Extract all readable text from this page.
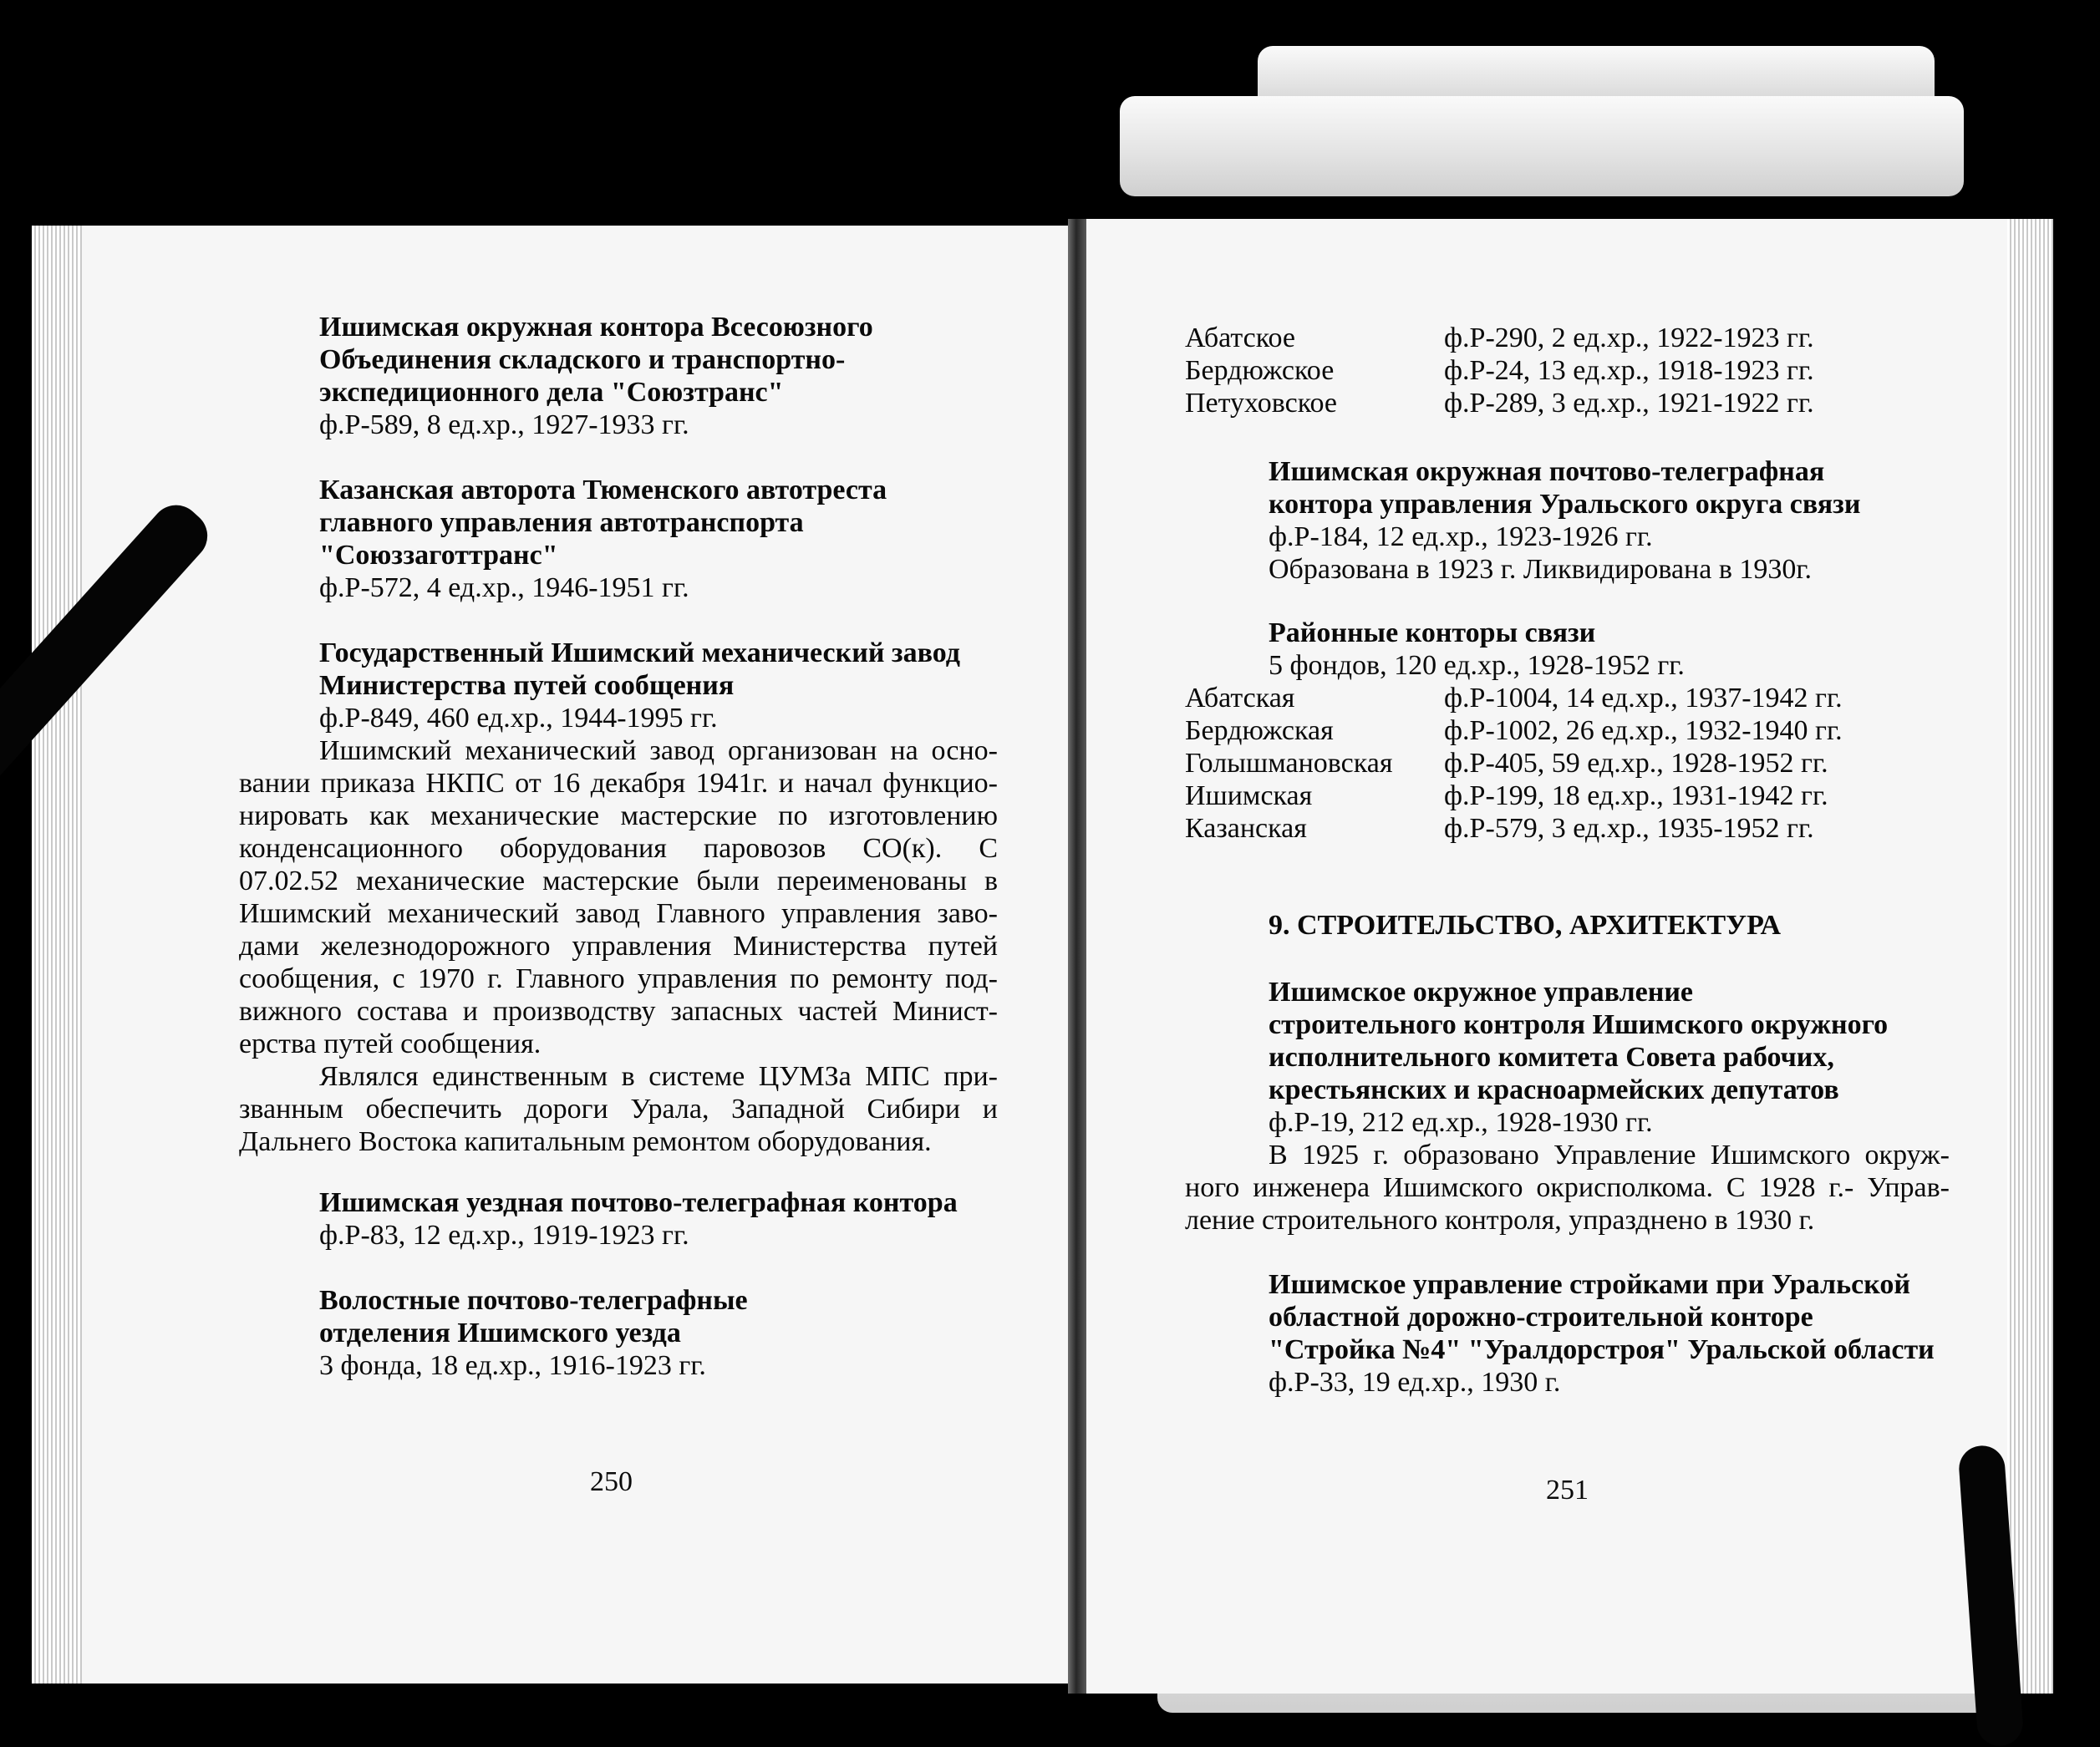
Ишимская окружная контора Всесоюзного
Объединения складского и транспортно-
экспедиционного дела "Союзтранс"
ф.Р-589, 8 ед.хр., 1927-1933 гг.
Казанская авторота Тюменского автотреста
главного управления автотранспорта
"Союззаготтранс"
ф.Р-572, 4 ед.хр., 1946-1951 гг.
Государственный Ишимский механический завод
Министерства путей сообщения
ф.Р-849, 460 ед.хр., 1944-1995 гг.
Ишимский механический завод организован на осно-
вании приказа НКПС от 16 декабря 1941г. и начал функцио-
нировать как механические мастерские по изготовлению
конденсационного оборудования паровозов СО(к). С
07.02.52 механические мастерские были переименованы в
Ишимский механический завод Главного управления заво-
дами железнодорожного управления Министерства путей
сообщения, с 1970 г. Главного управления по ремонту под-
вижного состава и производству запасных частей Минист-
ерства путей сообщения.
Являлся единственным в системе ЦУМЗа МПС при-
званным обеспечить дороги Урала, Западной Сибири и
Дальнего Востока капитальным ремонтом оборудования.
Ишимская уездная почтово-телеграфная контора
ф.Р-83, 12 ед.хр., 1919-1923 гг.
Волостные почтово-телеграфные
отделения Ишимского уезда
3 фонда, 18 ед.хр., 1916-1923 гг.
250
Абатское	ф.Р-290, 2 ед.хр., 1922-1923 гг.
Бердюжское	ф.Р-24, 13 ед.хр., 1918-1923 гг.
Петуховское	ф.Р-289, 3 ед.хр., 1921-1922 гг.
Ишимская окружная почтово-телеграфная
контора управления Уральского округа связи
ф.Р-184, 12 ед.хр., 1923-1926 гг.
Образована в 1923 г. Ликвидирована в 1930г.
Районные конторы связи
5 фондов, 120 ед.хр., 1928-1952 гг.
Абатская	ф.Р-1004, 14 ед.хр., 1937-1942 гг.
Бердюжская	ф.Р-1002, 26 ед.хр., 1932-1940 гг.
Голышмановская ф.Р-405, 59 ед.хр., 1928-1952 гг.
Ишимская	ф.Р-199, 18 ед.хр., 1931-1942 гг.
Казанская	ф.Р-579, 3 ед.хр., 1935-1952 гг.
9. СТРОИТЕЛЬСТВО, АРХИТЕКТУРА
Ишимское окружное управление
строительного контроля Ишимского окружного
исполнительного комитета Совета рабочих,
крестьянских и красноармейских депутатов
ф.Р-19, 212 ед.хр., 1928-1930 гг.
В 1925 г. образовано Управление Ишимского окруж-
ного инженера Ишимского окрисполкома. С 1928 г.- Управ-
ление строительного контроля, упразднено в 1930 г.
Ишимское управление стройками при Уральской
областной дорожно-строительной конторе
"Стройка №4" "Уралдорстроя" Уральской области
ф.Р-33, 19 ед.хр., 1930 г.
251
